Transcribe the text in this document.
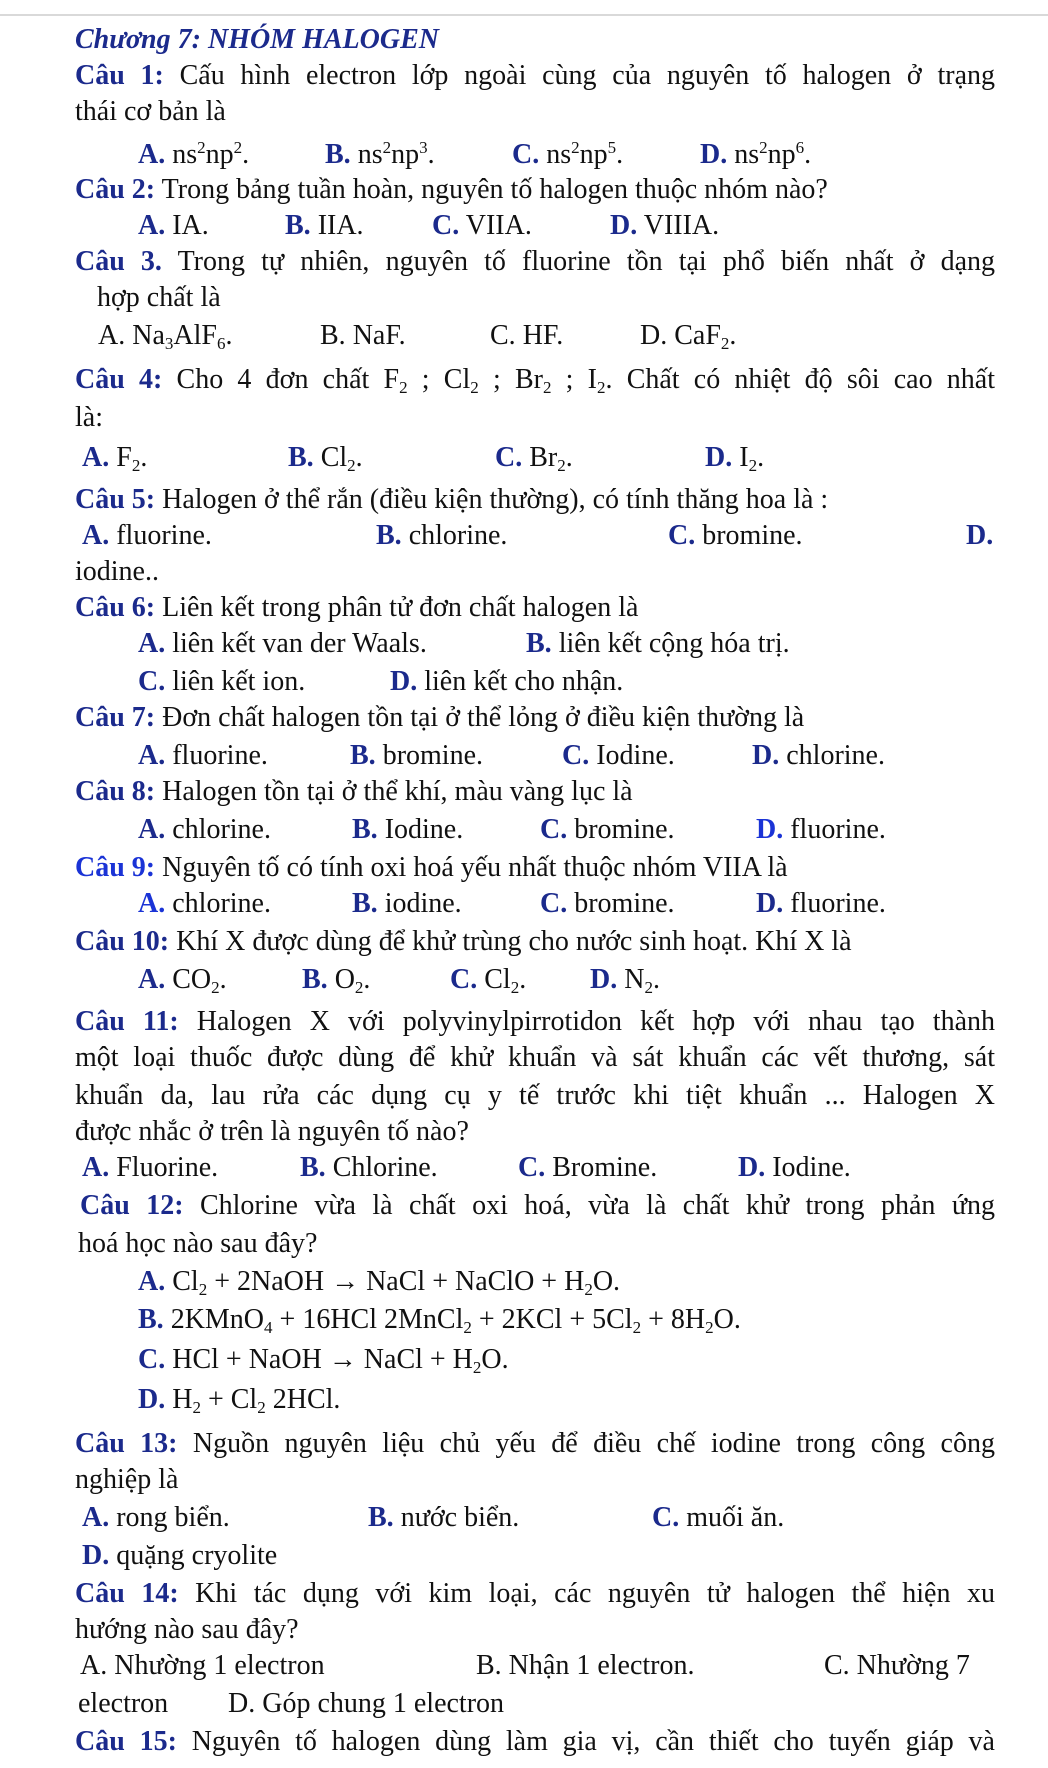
Chương 7: NHÓM HALOGEN
Câu 1: Cấu hình electron lớp ngoài cùng của nguyên tố halogen ở trạng
thái cơ bản là
A. $ns^2np^2$.	B. $ns^2np^3$.	C. $ns^2np^5$.	D. $ns^2np^6$.
Câu 2: Trong bảng tuần hoàn, nguyên tố halogen thuộc nhóm nào?
A. IA.	B. IIA. C. VIIA.	D. VIIIA.
Câu 3. Trong tự nhiên, nguyên tố fluorine tồn tại phổ biến nhất ở dạng
hợp chất là
A. $Na_3AlF_6$.	B. NaF.	C. HF.	D. CaF$_2$.
Câu 4: Cho 4 đơn chất $F_2$ ; $Cl_2$ ; $Br_2$ ; $I_2$. Chất có nhiệt độ sôi cao nhất
là:
A. $F_2$.	B. $Cl_2$.	C. $Br_2$.	D. $I_2$.
Câu 5: Halogen ở thể rắn (điều kiện thường), có tính thăng hoa là :
A. fluorine.	B. chlorine.	C. bromine.	D.
iodine..
Câu 6: Liên kết trong phân tử đơn chất halogen là
A. liên kết van der Waals.	B. liên kết cộng hóa trị.
C. liên kết ion.	D. liên kết cho nhận.
Câu 7: Đơn chất halogen tồn tại ở thể lỏng ở điều kiện thường là
A. fluorine.	B. bromine.	C. Iodine.	D. chlorine.
Câu 8: Halogen tồn tại ở thể khí, màu vàng lục là
A. chlorine.	B. Iodine.	C. bromine.	D. fluorine.
Câu 9: Nguyên tố có tính oxi hoá yếu nhất thuộc nhóm VIIA là
A. chlorine.	B. iodine.	C. bromine.	D. fluorine.
Câu 10: Khí X được dùng để khử trùng cho nước sinh hoạt. Khí X là
A. $CO_2$.	B. $O_2$.	C. $Cl_2$. D. $N_2$.
Câu 11: Halogen X với polyvinylpirrotidon kết hợp với nhau tạo thành
một loại thuốc được dùng để khử khuẩn và sát khuẩn các vết thương, sát
khuẩn da, lau rửa các dụng cụ y tế trước khi tiệt khuẩn ... Halogen X
được nhắc ở trên là nguyên tố nào?
A. Fluorine.	B. Chlorine.	C. Bromine.	D. Iodine.
Câu 12: Chlorine vừa là chất oxi hoá, vừa là chất khử trong phản ứng
hoá học nào sau đây?
A. $Cl_2$ + 2NaOH → NaCl + NaClO + $H_2O$.
B. 2KMnO$_4$ + 16HCl 2MnCl$_2$ + $2KCl + 5Cl_2 + 8H_2O$.
C. HCl + NaOH → NaCl + $H_2O$.
D. $H_2 + Cl_2$ 2HCl.
Câu 13: Nguồn nguyên liệu chủ yếu để điều chế iodine trong công công
nghiệp là
A. rong biển.	B. nước biển.	C. muối ăn.
D. quặng cryolite
Câu 14: Khi tác dụng với kim loại, các nguyên tử halogen thể hiện xu
hướng nào sau đây?
A. Nhường 1 electron	B. Nhận 1 electron.	C. Nhường 7
electron D. Góp chung 1 electron
Câu 15: Nguyên tố halogen dùng làm gia vị, cần thiết cho tuyến giáp và
